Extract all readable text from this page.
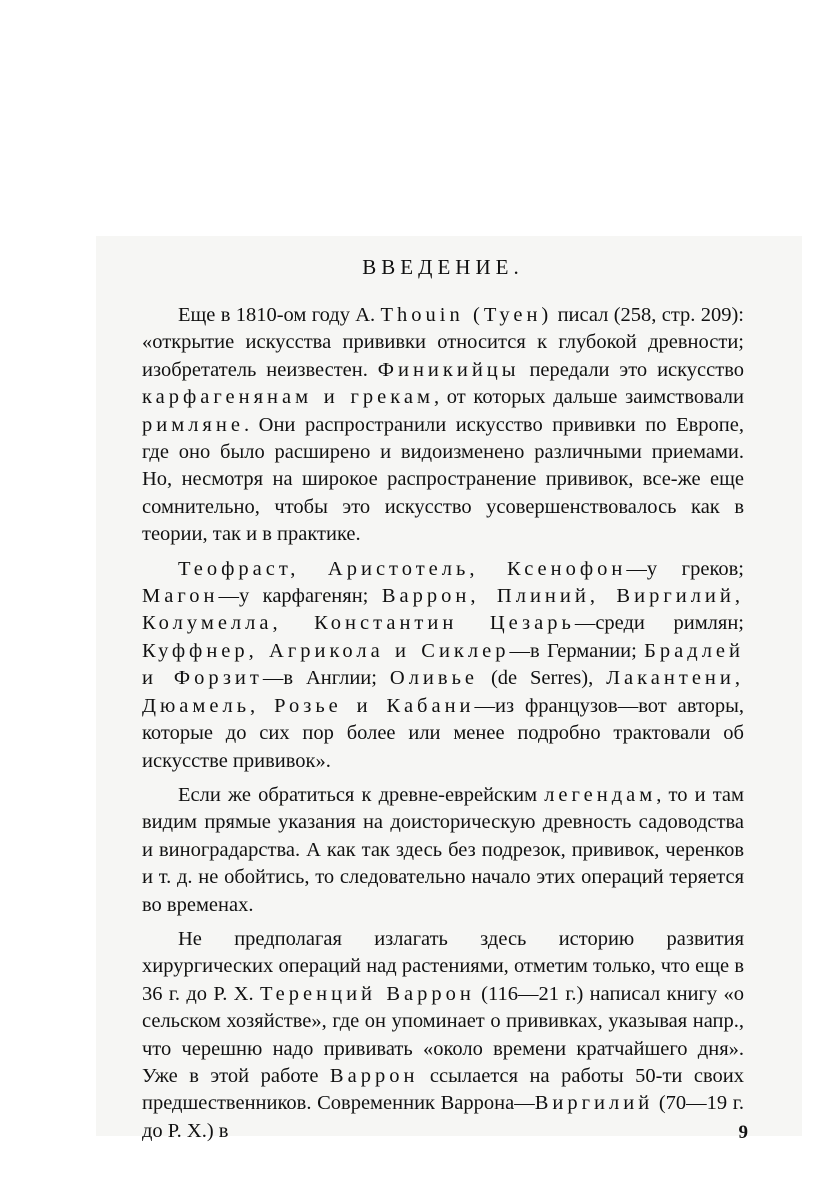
ВВЕДЕНИЕ.

Еще в 1810-ом году A. Thouin (Туен) писал (258, стр. 209): «открытие искусства прививки относится к глубокой древности; изобретатель неизвестен. Финикийцы передали это искусство карфагенянам и грекам, от которых дальше заимствовали римляне. Они распространили искусство прививки по Европе, где оно было расширено и видоизменено различными приемами. Но, несмотря на широкое распространение прививок, все-же еще сомнительно, чтобы это искусство усовершенствовалось как в теории, так и в практике.

Теофраст, Аристотель, Ксенофон—у греков; Магон—у карфагенян; Варрон, Плиний, Виргилий, Колумелла, Константин Цезарь—среди римлян; Куффнер, Агрикола и Сиклер—в Германии; Брадлей и Форзит—в Англии; Оливье (de Serres), Лакантени, Дюамель, Розье и Кабани—из французов—вот авторы, которые до сих пор более или менее подробно трактовали об искусстве прививок».

Если же обратиться к древне-еврейским легендам, то и там видим прямые указания на доисторическую древность садоводства и виноградарства. А как так здесь без подрезок, прививок, черенков и т. д. не обойтись, то следовательно начало этих операций теряется во временах.

Не предполагая излагать здесь историю развития хирургических операций над растениями, отметим только, что еще в 36 г. до Р. Х. Теренций Варрон (116—21 г.) написал книгу «о сельском хозяйстве», где он упоминает о прививках, указывая напр., что черешню надо прививать «около времени кратчайшего дня». Уже в этой работе Варрон ссылается на работы 50-ти своих предшественников. Современник Варрона—Виргилий (70—19 г. до Р. Х.) в	9
